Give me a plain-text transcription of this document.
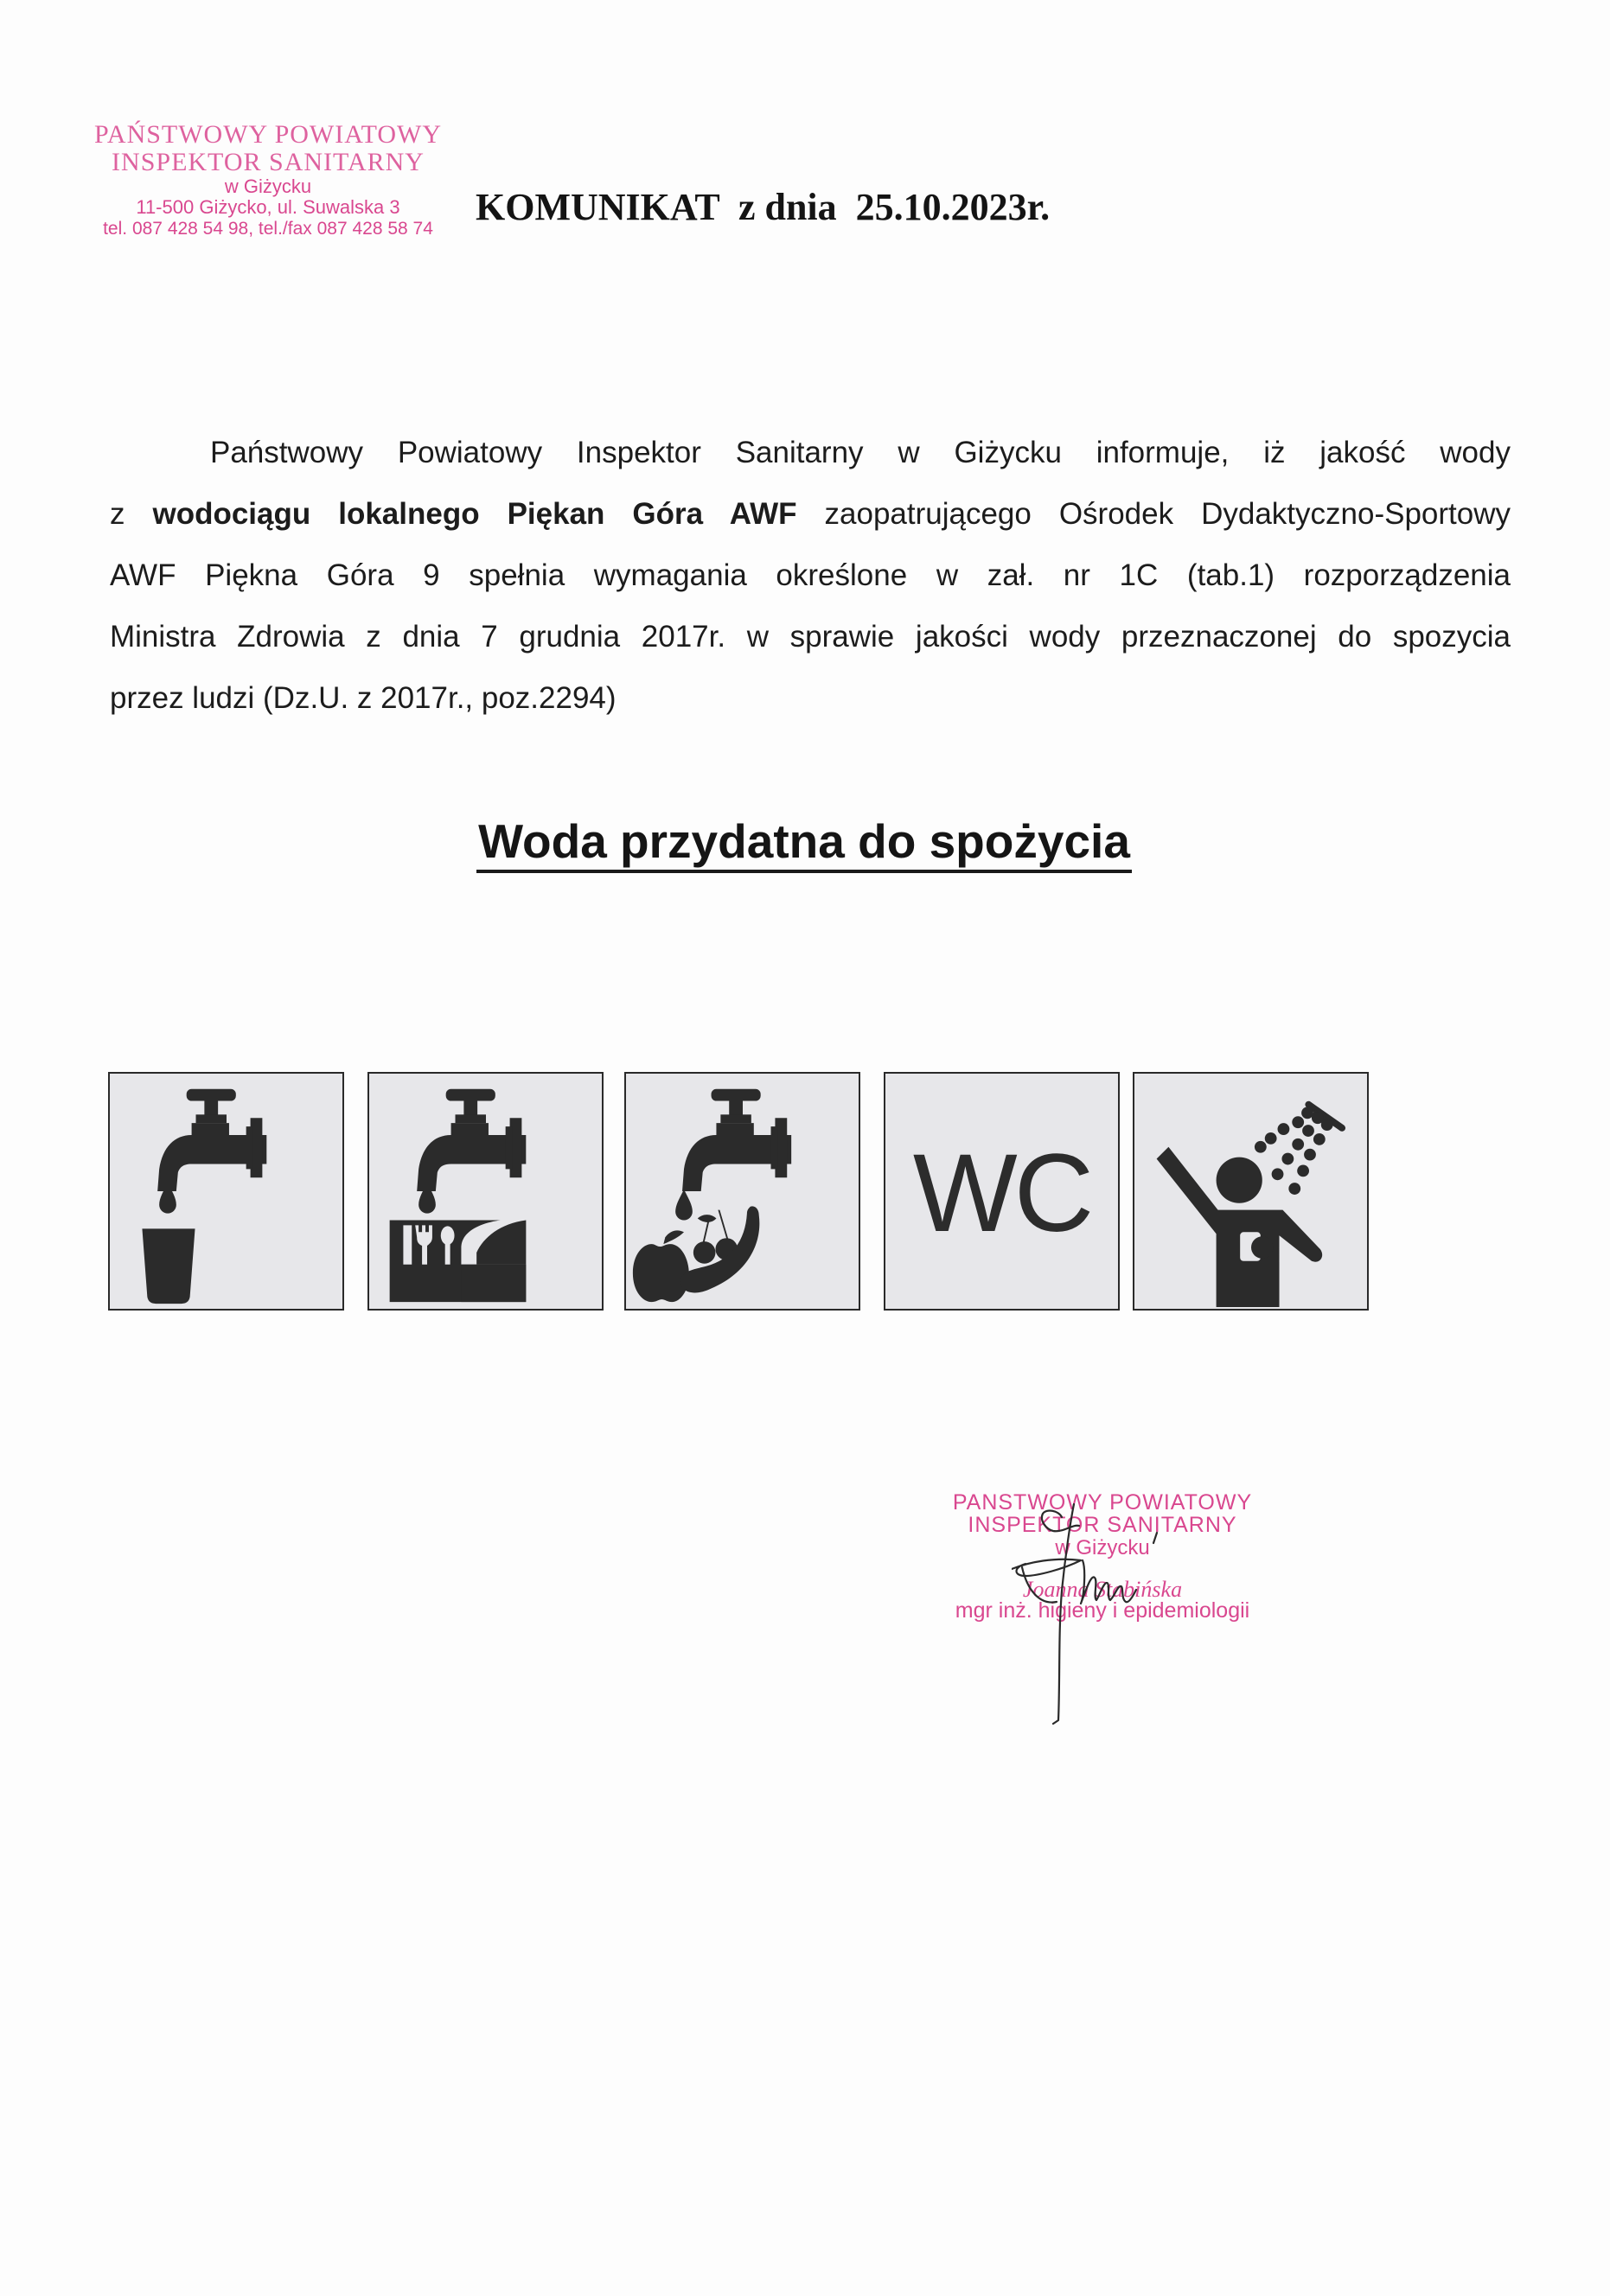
PAŃSTWOWY POWIATOWY
INSPEKTOR SANITARNY
w Giżycku
11-500 Giżycko, ul. Suwalska 3
tel. 087 428 54 98, tel./fax 087 428 58 74
KOMUNIKAT  z dnia  25.10.2023r.
Państwowy Powiatowy Inspektor Sanitarny w Giżycku informuje, iż jakość wody
z wodociągu lokalnego Piękan Góra AWF zaopatrującego Ośrodek Dydaktyczno-Sportowy
AWF Piękna Góra 9 spełnia wymagania określone w zał. nr 1C (tab.1) rozporządzenia
Ministra Zdrowia z dnia 7 grudnia 2017r. w sprawie jakości wody przeznaczonej do spozycia
przez ludzi (Dz.U. z 2017r., poz.2294)
Woda przydatna do spożycia
WC
PANSTWOWY POWIATOWY
INSPEKTOR SANITARNY
w Giżycku
Joanna Stabińska
mgr inż. higieny i epidemiologii
